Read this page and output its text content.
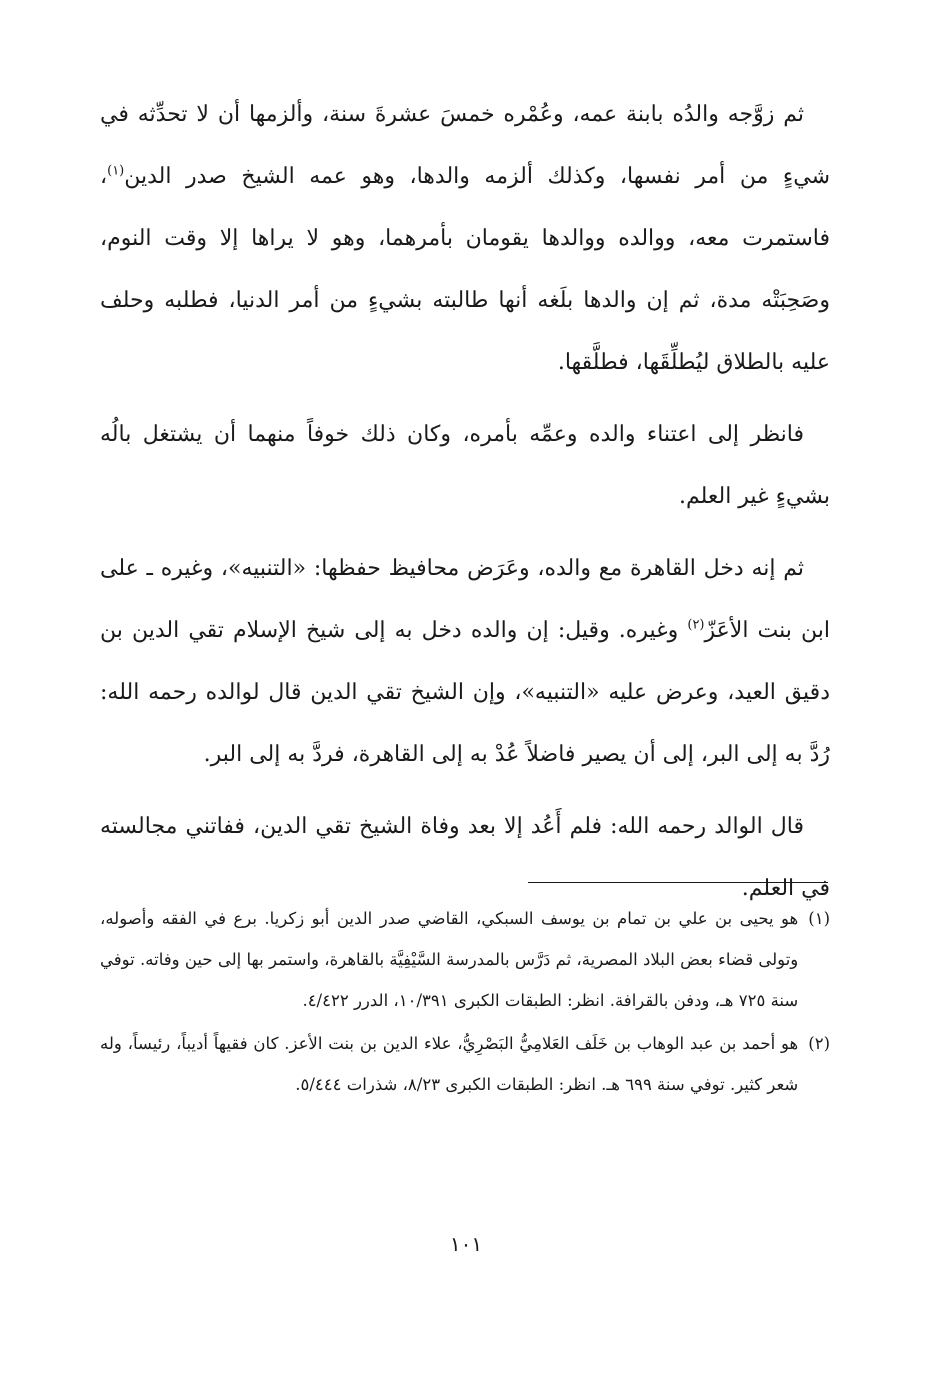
ثم زوَّجه والدُه بابنة عمه، وعُمْره خمسَ عشرةَ سنة، وألزمها أن لا تحدِّثه في شيءٍ من أمر نفسها، وكذلك ألزمه والدها، وهو عمه الشيخ صدر الدين$^{(١)}$، فاستمرت معه، ووالده ووالدها يقومان بأمرهما، وهو لا يراها إلا وقت النوم، وصَحِبَتْه مدة، ثم إن والدها بلَغه أنها طالبته بشيءٍ من أمر الدنيا، فطلبه وحلف عليه بالطلاق ليُطلِّقَها، فطلَّقها.

فانظر إلى اعتناء والده وعمِّه بأمره، وكان ذلك خوفاً منهما أن يشتغل بالُه بشيءٍ غير العلم.

ثم إنه دخل القاهرة مع والده، وعَرَض محافيظ حفظها: «التنبيه»، وغيره ـ على ابن بنت الأعَزّ$^{(٢)}$ وغيره. وقيل: إن والده دخل به إلى شيخ الإسلام تقي الدين بن دقيق العيد، وعرض عليه «التنبيه»، وإن الشيخ تقي الدين قال لوالده رحمه الله: رُدَّ به إلى البر، إلى أن يصير فاضلاً عُدْ به إلى القاهرة، فردَّ به إلى البر.

قال الوالد رحمه الله: فلم أَعُد إلا بعد وفاة الشيخ تقي الدين، ففاتني مجالسته في العلم.

(١)

هو يحيى بن علي بن تمام بن يوسف السبكي، القاضي صدر الدين أبو زكريا. برع في الفقه وأصوله، وتولى قضاء بعض البلاد المصرية، ثم دَرَّس بالمدرسة السَّيْفِيَّة بالقاهرة، واستمر بها إلى حين وفاته. توفي سنة ٧٢٥ هـ، ودفن بالقرافة. انظر: الطبقات الكبرى ١٠/٣٩١، الدرر ٤/٤٢٢.

(٢)

هو أحمد بن عبد الوهاب بن خَلَف العَلامِيُّ البَصْرِيُّ، علاء الدين بن بنت الأعز. كان فقيهاً أديباً، رئيساً، وله شعر كثير. توفي سنة ٦٩٩ هـ. انظر: الطبقات الكبرى ٨/٢٣، شذرات ٥/٤٤٤.

١٠١
